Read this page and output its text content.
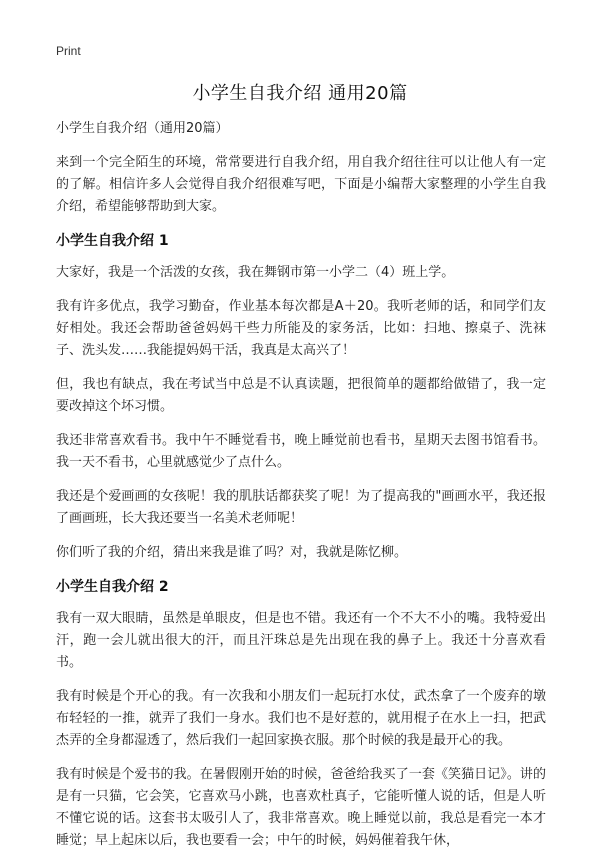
Print
小学生自我介绍 通用20篇

小学生自我介绍（通用20篇）

来到一个完全陌生的环境，常常要进行自我介绍，用自我介绍往往可以让他人有一定的了解。相信许多人会觉得自我介绍很难写吧，下面是小编帮大家整理的小学生自我介绍，希望能够帮助到大家。

小学生自我介绍 1

大家好，我是一个活泼的女孩，我在舞钢市第一小学二（4）班上学。

我有许多优点，我学习勤奋，作业基本每次都是A＋20。我听老师的话，和同学们友好相处。我还会帮助爸爸妈妈干些力所能及的家务活，比如：扫地、擦桌子、洗袜子、洗头发……我能提妈妈干活，我真是太高兴了！

但，我也有缺点，我在考试当中总是不认真读题，把很简单的题都给做错了，我一定要改掉这个坏习惯。

我还非常喜欢看书。我中午不睡觉看书，晚上睡觉前也看书，星期天去图书馆看书。我一天不看书，心里就感觉少了点什么。

我还是个爱画画的女孩呢！我的肌肤话都获奖了呢！为了提高我的"画画水平，我还报了画画班，长大我还要当一名美术老师呢！

你们听了我的介绍，猜出来我是谁了吗？对，我就是陈忆柳。

小学生自我介绍 2

我有一双大眼睛，虽然是单眼皮，但是也不错。我还有一个不大不小的嘴。我特爱出汗，跑一会儿就出很大的汗，而且汗珠总是先出现在我的鼻子上。我还十分喜欢看书。

我有时候是个开心的我。有一次我和小朋友们一起玩打水仗，武杰拿了一个废弃的墩布轻轻的一推，就弄了我们一身水。我们也不是好惹的，就用棍子在水上一扫，把武杰弄的全身都湿透了，然后我们一起回家换衣服。那个时候的我是最开心的我。

我有时候是个爱书的我。在暑假刚开始的时候，爸爸给我买了一套《笑猫日记》。讲的是有一只猫，它会笑，它喜欢马小跳，也喜欢杜真子，它能听懂人说的话，但是人听不懂它说的话。这套书太吸引人了，我非常喜欢。晚上睡觉以前，我总是看完一本才睡觉；早上起床以后，我也要看一会；中午的时候，妈妈催着我午休，
